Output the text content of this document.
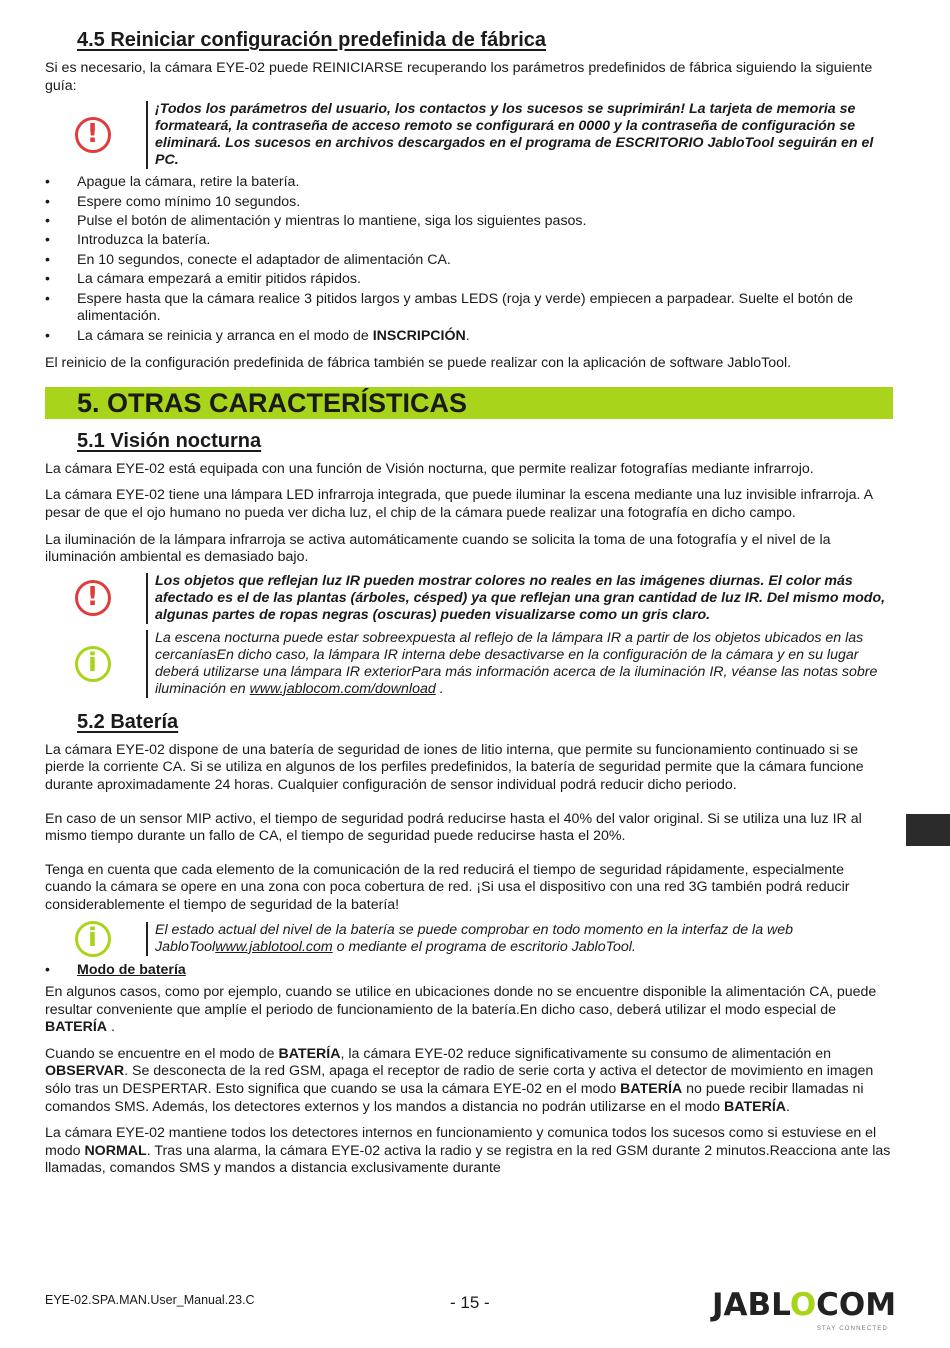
4.5 Reiniciar configuración predefinida de fábrica

Si es necesario, la cámara EYE-02 puede REINICIARSE recuperando los parámetros predefinidos de fábrica siguiendo la siguiente guía:

!
¡Todos los parámetros del usuario, los contactos y los sucesos se suprimirán! La tarjeta de memoria se formateará, la contraseña de acceso remoto se configurará en 0000 y la contraseña de configuración se eliminará. Los sucesos en archivos descargados en el programa de ESCRITORIO JabloTool seguirán en el PC.
• Apague la cámara, retire la batería.
• Espere como mínimo 10 segundos.
• Pulse el botón de alimentación y mientras lo mantiene, siga los siguientes pasos.
• Introduzca la batería.
• En 10 segundos, conecte el adaptador de alimentación CA.
• La cámara empezará a emitir pitidos rápidos.
• Espere hasta que la cámara realice 3 pitidos largos y ambas LEDS (roja y verde) empiecen a parpadear. Suelte el botón de alimentación.
• La cámara se reinicia y arranca en el modo de INSCRIPCIÓN.

El reinicio de la configuración predefinida de fábrica también se puede realizar con la aplicación de software JabloTool.

5. OTRAS CARACTERÍSTICAS
5.1 Visión nocturna

La cámara EYE-02 está equipada con una función de Visión nocturna, que permite realizar fotografías mediante infrarrojo.

La cámara EYE-02 tiene una lámpara LED infrarroja integrada, que puede iluminar la escena mediante una luz invisible infrarroja. A pesar de que el ojo humano no pueda ver dicha luz, el chip de la cámara puede realizar una fotografía en dicho campo.

La iluminación de la lámpara infrarroja se activa automáticamente cuando se solicita la toma de una fotografía y el nivel de la iluminación ambiental es demasiado bajo.

!
Los objetos que reflejan luz IR pueden mostrar colores no reales en las imágenes diurnas. El color más afectado es el de las plantas (árboles, césped) ya que reflejan una gran cantidad de luz IR. Del mismo modo, algunas partes de ropas negras (oscuras) pueden visualizarse como un gris claro.
i
La escena nocturna puede estar sobreexpuesta al reflejo de la lámpara IR a partir de los objetos ubicados en las cercaníasEn dicho caso, la lámpara IR interna debe desactivarse en la configuración de la cámara y en su lugar deberá utilizarse una lámpara IR exteriorPara más información acerca de la iluminación IR, véanse las notas sobre iluminación en www.jablocom.com/download .
5.2 Batería

La cámara EYE-02 dispone de una batería de seguridad de iones de litio interna, que permite su funcionamiento continuado si se pierde la corriente CA. Si se utiliza en algunos de los perfiles predefinidos, la batería de seguridad permite que la cámara funcione durante aproximadamente 24 horas. Cualquier configuración de sensor individual podrá reducir dicho periodo.

En caso de un sensor MIP activo, el tiempo de seguridad podrá reducirse hasta el 40% del valor original. Si se utiliza una luz IR al mismo tiempo durante un fallo de CA, el tiempo de seguridad puede reducirse hasta el 20%.

Tenga en cuenta que cada elemento de la comunicación de la red reducirá el tiempo de seguridad rápidamente, especialmente cuando la cámara se opere en una zona con poca cobertura de red. ¡Si usa el dispositivo con una red 3G también podrá reducir considerablemente el tiempo de seguridad de la batería!

i	El estado actual del nivel de la batería se puede comprobar en todo momento en la interfaz de la web JabloToolwww.jablotool.com o mediante el programa de escritorio JabloTool.
• Modo de batería

En algunos casos, como por ejemplo, cuando se utilice en ubicaciones donde no se encuentre disponible la alimentación CA, puede resultar conveniente que amplíe el periodo de funcionamiento de la batería.En dicho caso, deberá utilizar el modo especial de BATERÍA .

Cuando se encuentre en el modo de BATERÍA, la cámara EYE-02 reduce significativamente su consumo de alimentación en OBSERVAR. Se desconecta de la red GSM, apaga el receptor de radio de serie corta y activa el detector de movimiento en imagen sólo tras un DESPERTAR. Esto significa que cuando se usa la cámara EYE-02 en el modo BATERÍA no puede recibir llamadas ni comandos SMS. Además, los detectores externos y los mandos a distancia no podrán utilizarse en el modo BATERÍA.

La cámara EYE-02 mantiene todos los detectores internos en funcionamiento y comunica todos los sucesos como si estuviese en el modo NORMAL. Tras una alarma, la cámara EYE-02 activa la radio y se registra en la red GSM durante 2 minutos.Reacciona ante las llamadas, comandos SMS y mandos a distancia exclusivamente durante

EYE-02.SPA.MAN.User_Manual.23.C	- 15 -	JABLOCOM
STAY CONNECTED
